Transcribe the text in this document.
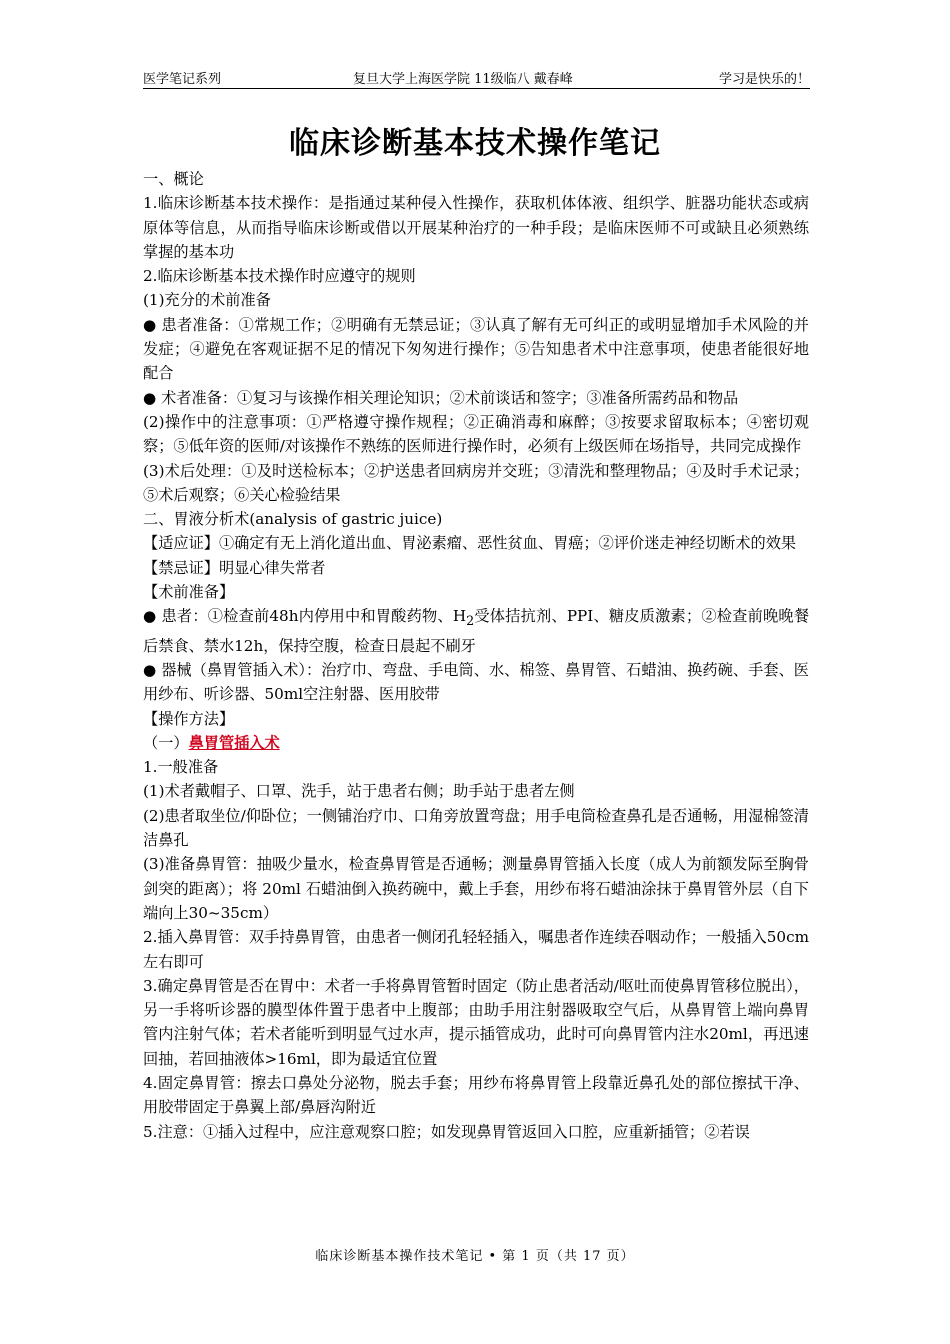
医学笔记系列	复旦大学上海医学院 11级临八 戴春峰	学习是快乐的！
临床诊断基本技术操作笔记

一、概论

1.临床诊断基本技术操作：是指通过某种侵入性操作，获取机体体液、组织学、脏器功能状态或病原体等信息，从而指导临床诊断或借以开展某种治疗的一种手段；是临床医师不可或缺且必须熟练掌握的基本功

2.临床诊断基本技术操作时应遵守的规则

(1)充分的术前准备

● 患者准备：①常规工作；②明确有无禁忌证；③认真了解有无可纠正的或明显增加手术风险的并发症；④避免在客观证据不足的情况下匆匆进行操作；⑤告知患者术中注意事项，使患者能很好地配合

● 术者准备：①复习与该操作相关理论知识；②术前谈话和签字；③准备所需药品和物品

(2)操作中的注意事项：①严格遵守操作规程；②正确消毒和麻醉；③按要求留取标本；④密切观察；⑤低年资的医师/对该操作不熟练的医师进行操作时，必须有上级医师在场指导，共同完成操作

(3)术后处理：①及时送检标本；②护送患者回病房并交班；③清洗和整理物品；④及时手术记录；⑤术后观察；⑥关心检验结果

二、胃液分析术(analysis of gastric juice)

【适应证】①确定有无上消化道出血、胃泌素瘤、恶性贫血、胃癌；②评价迷走神经切断术的效果

【禁忌证】明显心律失常者

【术前准备】

● 患者：①检查前48h内停用中和胃酸药物、$H_2$受体拮抗剂、PPI、糖皮质激素；②检查前晚晚餐后禁食、禁水12h，保持空腹，检查日晨起不刷牙

● 器械（鼻胃管插入术）：治疗巾、弯盘、手电筒、水、棉签、鼻胃管、石蜡油、换药碗、手套、医用纱布、听诊器、50ml空注射器、医用胶带

【操作方法】

（一）鼻胃管插入术

1.一般准备

(1)术者戴帽子、口罩、洗手，站于患者右侧；助手站于患者左侧

(2)患者取坐位/仰卧位；一侧铺治疗巾、口角旁放置弯盘；用手电筒检查鼻孔是否通畅，用湿棉签清洁鼻孔

(3)准备鼻胃管：抽吸少量水，检查鼻胃管是否通畅；测量鼻胃管插入长度（成人为前额发际至胸骨剑突的距离）；将 20ml 石蜡油倒入换药碗中，戴上手套，用纱布将石蜡油涂抹于鼻胃管外层（自下端向上30~35cm）

2.插入鼻胃管：双手持鼻胃管，由患者一侧闭孔轻轻插入，嘱患者作连续吞咽动作；一般插入50cm左右即可

3.确定鼻胃管是否在胃中：术者一手将鼻胃管暂时固定（防止患者活动/呕吐而使鼻胃管移位脱出），另一手将听诊器的膜型体件置于患者中上腹部；由助手用注射器吸取空气后，从鼻胃管上端向鼻胃管内注射气体；若术者能听到明显气过水声，提示插管成功，此时可向鼻胃管内注水20ml，再迅速回抽，若回抽液体>16ml，即为最适宜位置

4.固定鼻胃管：擦去口鼻处分泌物，脱去手套；用纱布将鼻胃管上段靠近鼻孔处的部位擦拭干净、用胶带固定于鼻翼上部/鼻唇沟附近

5.注意：①插入过程中，应注意观察口腔；如发现鼻胃管返回入口腔，应重新插管；②若误

临床诊断基本操作技术笔记 • 第 1 页（共 17 页）
